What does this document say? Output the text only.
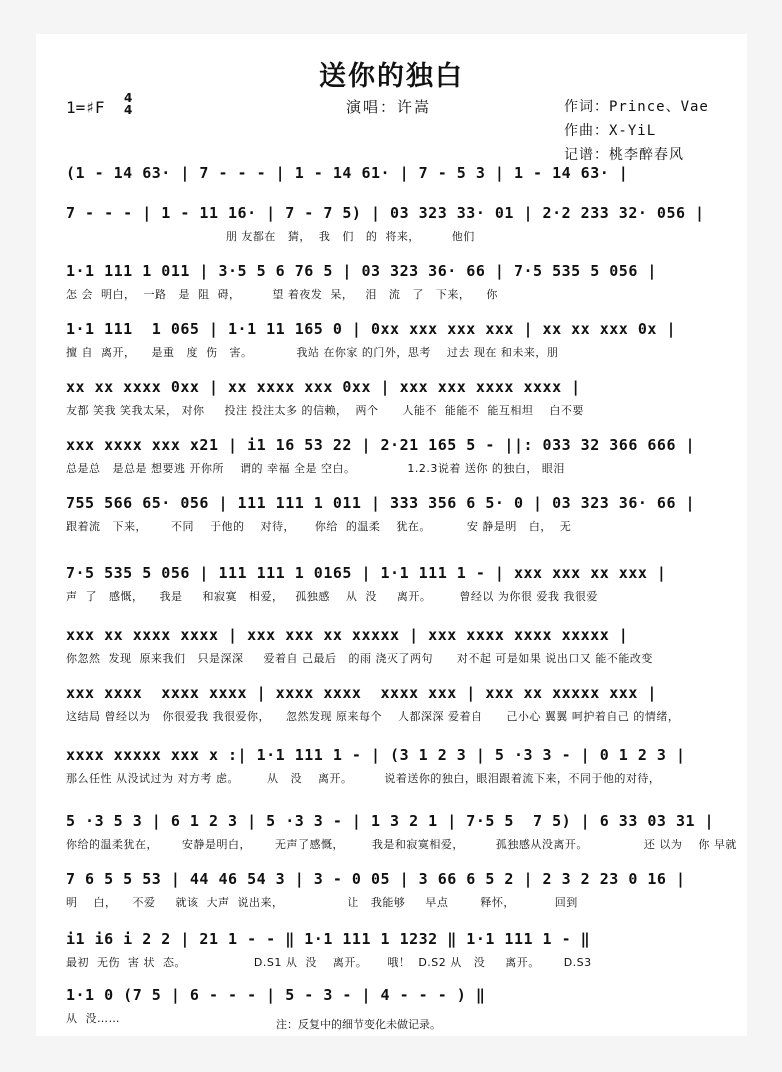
送你的独白
1=♯F 4
4	演唱：许嵩	作词：Prince、Vae
作曲：X-YiL
记谱：桃李醉春风
(1 - 14 63· | 7 - - - | 1 - 14 61· | 7 - 5 3 | 1 - 14 63· |
7 - - - | 1 - 11 16· | 7 - 7 5) | 03 323 33· 01 | 2·2 233 32· 056 |
朋 友都在   猜，  我   们   的  将来，        他们
1·1 111 1 011 | 3·5 5 6 76 5 | 03 323 36· 66 | 7·5 535 5 056 |
怎 会  明白，  一路   是  阻  碍，        望 着夜发  呆，   泪   流   了   下来，    你
1·1 111  1 065 | 1·1 11 165 0 | 0xx xxx xxx xxx | xx xx xxx 0x |
擅 自  离开，    是重   度  伤   害。           我站 在你家 的门外，思考    过去 现在 和未来，朋
xx xx xxxx 0xx | xx xxxx xxx 0xx | xxx xxx xxxx xxxx |
友都 笑我 笑我太呆， 对你     投注 投注太多 的信赖，  两个      人能不  能能不  能互相坦    白不要
xxx xxxx xxx x21 | i1 16 53 22 | 2·21 165 5 - ||: 033 32 366 666 |
总是总   是总是 想要逃 开你所    谓的 幸福 全是 空白。             1.2.3说着 送你 的独白， 眼泪
755 566 65· 056 | 111 111 1 011 | 333 356 6 5· 0 | 03 323 36· 66 |
跟着流   下来，      不同    于他的    对待，     你给  的温柔    犹在。         安 静是明   白，  无
7·5 535 5 056 | 111 111 1 0165 | 1·1 111 1 - | xxx xxx xx xxx |
声  了   感慨，    我是     和寂寞   相爱，   孤独感    从  没     离开。       曾经以 为你很 爱我 我很爱
xxx xx xxxx xxxx | xxx xxx xx xxxxx | xxx xxxx xxxx xxxxx |
你忽然  发现  原来我们   只是深深     爱着自 己最后   的雨 浇灭了两句      对不起 可是如果 说出口又 能不能改变
xxx xxxx  xxxx xxxx | xxxx xxxx  xxxx xxx | xxx xx xxxxx xxx |
这结局 曾经以为   你很爱我 我很爱你，    忽然发现 原来每个    人都深深 爱着自      己小心 翼翼 呵护着自己 的情绪，
xxxx xxxxx xxx x :| 1·1 111 1 - | (3 1 2 3 | 5 ·3 3 - | 0 1 2 3 |
那么任性 从没试过为 对方考 虑。       从   没    离开。        说着送你的独白，眼泪跟着流下来，不同于他的对待，
5 ·3 5 3 | 6 1 2 3 | 5 ·3 3 - | 1 3 2 1 | 7·5 5  7 5) | 6 33 03 31 |
你给的温柔犹在，      安静是明白，      无声了感慨，       我是和寂寞相爱，        孤独感从没离开。              还 以为    你 早就
7 6 5 5 53 | 44 46 54 3 | 3 - 0 05 | 3 66 6 5 2 | 2 3 2 23 0 16 |
明    白，    不爱     就该  大声  说出来，                让   我能够     早点        释怀，          回到
i1 i6 i 2 2 | 21 1 - - ‖ 1·1 111 1 1232 ‖ 1·1 111 1 - ‖
最初  无伤  害 状  态。                 D.S1 从  没    离开。     哦！  D.S2 从   没     离开。      D.S3
1·1 0 (7 5 | 6 - - - | 5 - 3 - | 4 - - - ) ‖
从  没……	注：反复中的细节变化未做记录。
